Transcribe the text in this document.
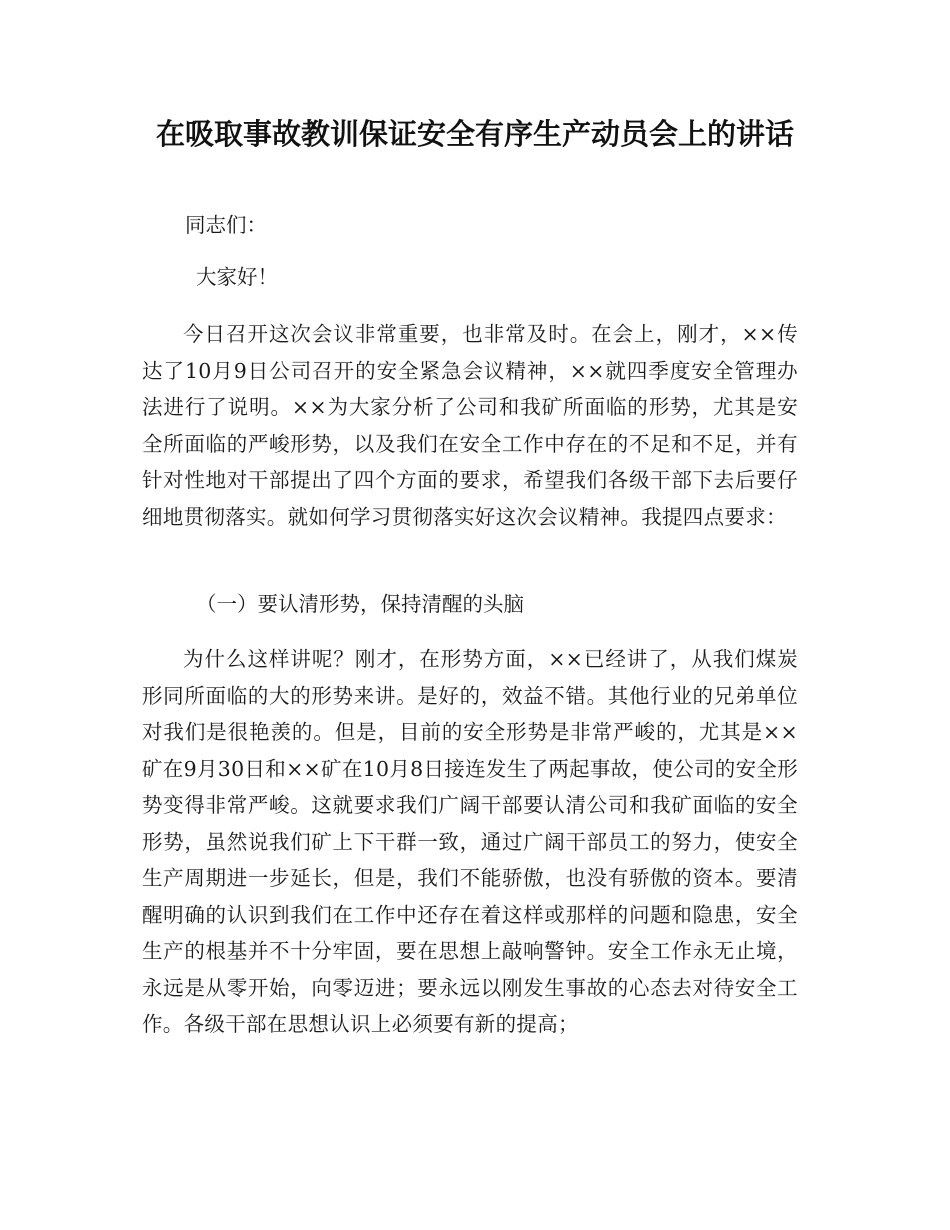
在吸取事故教训保证安全有序生产动员会上的讲话

同志们：

大家好！

今日召开这次会议非常重要，也非常及时。在会上，刚才，××传达了10月9日公司召开的安全紧急会议精神，××就四季度安全管理办法进行了说明。××为大家分析了公司和我矿所面临的形势，尤其是安全所面临的严峻形势，以及我们在安全工作中存在的不足和不足，并有针对性地对干部提出了四个方面的要求，希望我们各级干部下去后要仔细地贯彻落实。就如何学习贯彻落实好这次会议精神。我提四点要求：

（一）要认清形势，保持清醒的头脑

为什么这样讲呢？刚才，在形势方面，××已经讲了，从我们煤炭形同所面临的大的形势来讲。是好的，效益不错。其他行业的兄弟单位对我们是很艳羡的。但是，目前的安全形势是非常严峻的，尤其是××矿在9月30日和××矿在10月8日接连发生了两起事故，使公司的安全形势变得非常严峻。这就要求我们广阔干部要认清公司和我矿面临的安全形势，虽然说我们矿上下干群一致，通过广阔干部员工的努力，使安全生产周期进一步延长，但是，我们不能骄傲，也没有骄傲的资本。要清醒明确的认识到我们在工作中还存在着这样或那样的问题和隐患，安全生产的根基并不十分牢固，要在思想上敲响警钟。安全工作永无止境，永远是从零开始，向零迈进；要永远以刚发生事故的心态去对待安全工作。各级干部在思想认识上必须要有新的提高；
